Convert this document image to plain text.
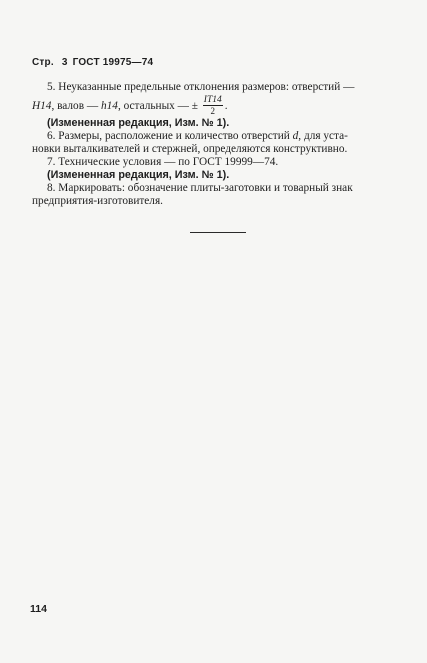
Стр. 3 ГОСТ 19975—74
5. Неуказанные предельные отклонения размеров: отверстий —
H14, валов — h14, остальных — ± $\frac{IT14}{2}$ .
(Измененная редакция, Изм. № 1).
6. Размеры, расположение и количество отверстий d, для уста-
новки выталкивателей и стержней, определяются конструктивно.
7. Технические условия — по ГОСТ 19999—74.
(Измененная редакция, Изм. № 1).
8. Маркировать: обозначение плиты-заготовки и товарный знак
предприятия-изготовителя.
114
